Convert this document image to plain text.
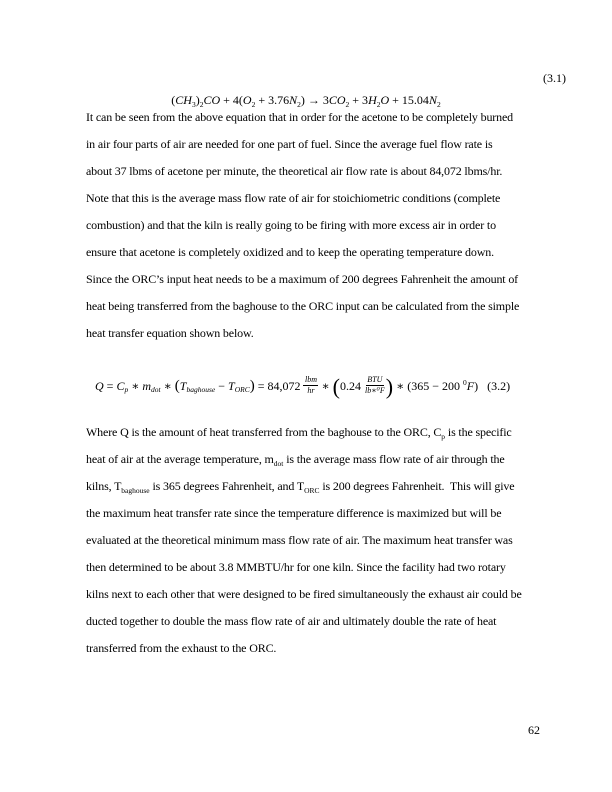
$(CH_3)_2CO + 4(O_2 + 3.76N_2) \to 3CO_2 + 3H_2O + 15.04N_2$

(3.1)

It can be seen from the above equation that in order for the acetone to be completely burned
in air four parts of air are needed for one part of fuel. Since the average fuel flow rate is
about 37 lbms of acetone per minute, the theoretical air flow rate is about 84,072 lbms/hr.
Note that this is the average mass flow rate of air for stoichiometric conditions (complete
combustion) and that the kiln is really going to be firing with more excess air in order to
ensure that acetone is completely oxidized and to keep the operating temperature down.
Since the ORC’s input heat needs to be a maximum of 200 degrees Fahrenheit the amount of
heat being transferred from the baghouse to the ORC input can be calculated from the simple
heat transfer equation shown below.
Q = C p ∗ m dot ∗ ( T baghouse − T ORC ) = $84,072 \frac{\text{lbm}}{hr}$ ∗ ( $0.24 \frac{\text{BTU}}{\text{lb∗⁰F}}$ ) ∗ (365 − 200 0 F ) (3.2)
Where Q is the amount of heat transferred from the baghouse to the ORC, $C_p$ is the specific
heat of air at the average temperature, $m_{dot}$ is the average mass flow rate of air through the
kilns, $T_{baghouse}$ is 365 degrees Fahrenheit, and $T_{ORC}$ is 200 degrees Fahrenheit.  This will give
the maximum heat transfer rate since the temperature difference is maximized but will be
evaluated at the theoretical minimum mass flow rate of air. The maximum heat transfer was
then determined to be about 3.8 MMBTU/hr for one kiln. Since the facility had two rotary
kilns next to each other that were designed to be fired simultaneously the exhaust air could be
ducted together to double the mass flow rate of air and ultimately double the rate of heat
transferred from the exhaust to the ORC.
62
